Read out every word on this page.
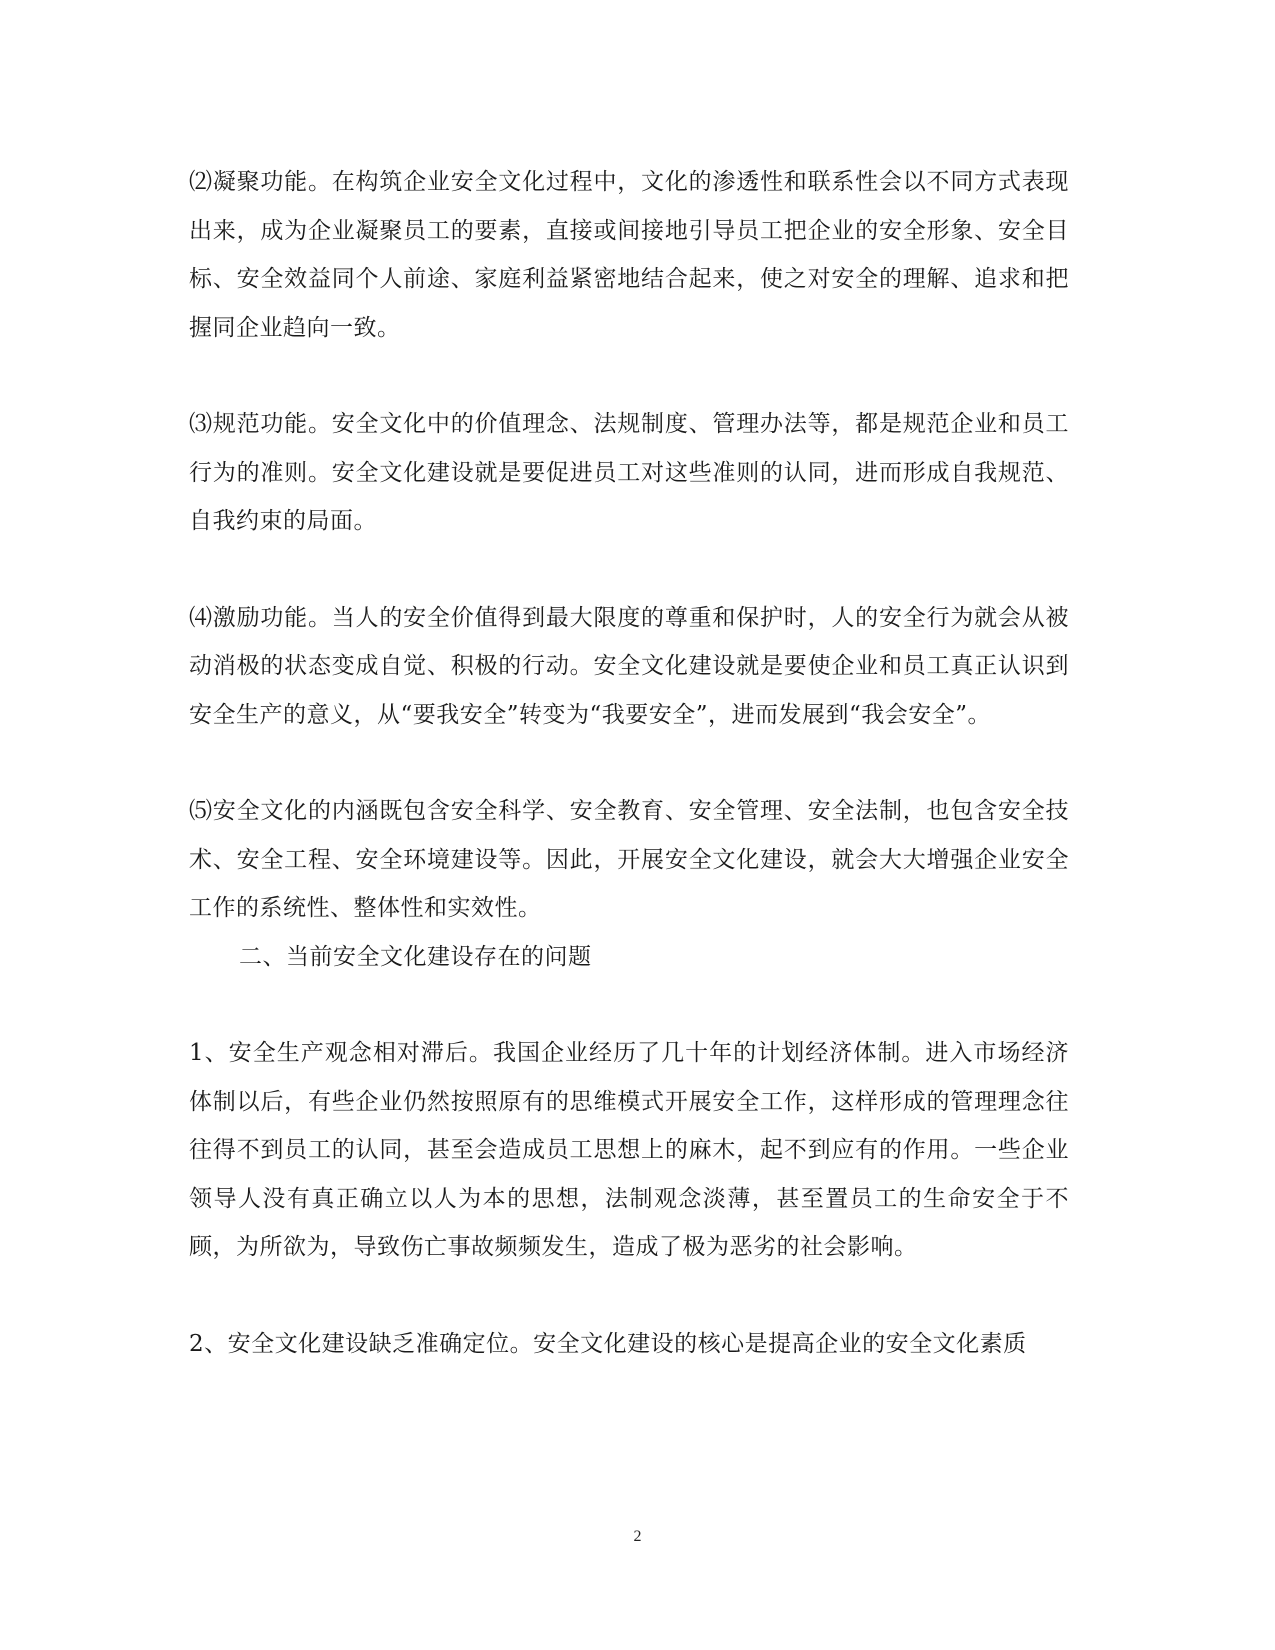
⑵凝聚功能。在构筑企业安全文化过程中，文化的渗透性和联系性会以不同方式表现出来，成为企业凝聚员工的要素，直接或间接地引导员工把企业的安全形象、安全目标、安全效益同个人前途、家庭利益紧密地结合起来，使之对安全的理解、追求和把握同企业趋向一致。

⑶规范功能。安全文化中的价值理念、法规制度、管理办法等，都是规范企业和员工行为的准则。安全文化建设就是要促进员工对这些准则的认同，进而形成自我规范、自我约束的局面。

⑷激励功能。当人的安全价值得到最大限度的尊重和保护时，人的安全行为就会从被动消极的状态变成自觉、积极的行动。安全文化建设就是要使企业和员工真正认识到安全生产的意义，从“要我安全”转变为“我要安全”，进而发展到“我会安全”。

⑸安全文化的内涵既包含安全科学、安全教育、安全管理、安全法制，也包含安全技术、安全工程、安全环境建设等。因此，开展安全文化建设，就会大大增强企业安全工作的系统性、整体性和实效性。

二、当前安全文化建设存在的问题

1、安全生产观念相对滞后。我国企业经历了几十年的计划经济体制。进入市场经济体制以后，有些企业仍然按照原有的思维模式开展安全工作，这样形成的管理理念往往得不到员工的认同，甚至会造成员工思想上的麻木，起不到应有的作用。一些企业领导人没有真正确立以人为本的思想，法制观念淡薄，甚至置员工的生命安全于不顾，为所欲为，导致伤亡事故频频发生，造成了极为恶劣的社会影响。

2、安全文化建设缺乏准确定位。安全文化建设的核心是提高企业的安全文化素质

2
